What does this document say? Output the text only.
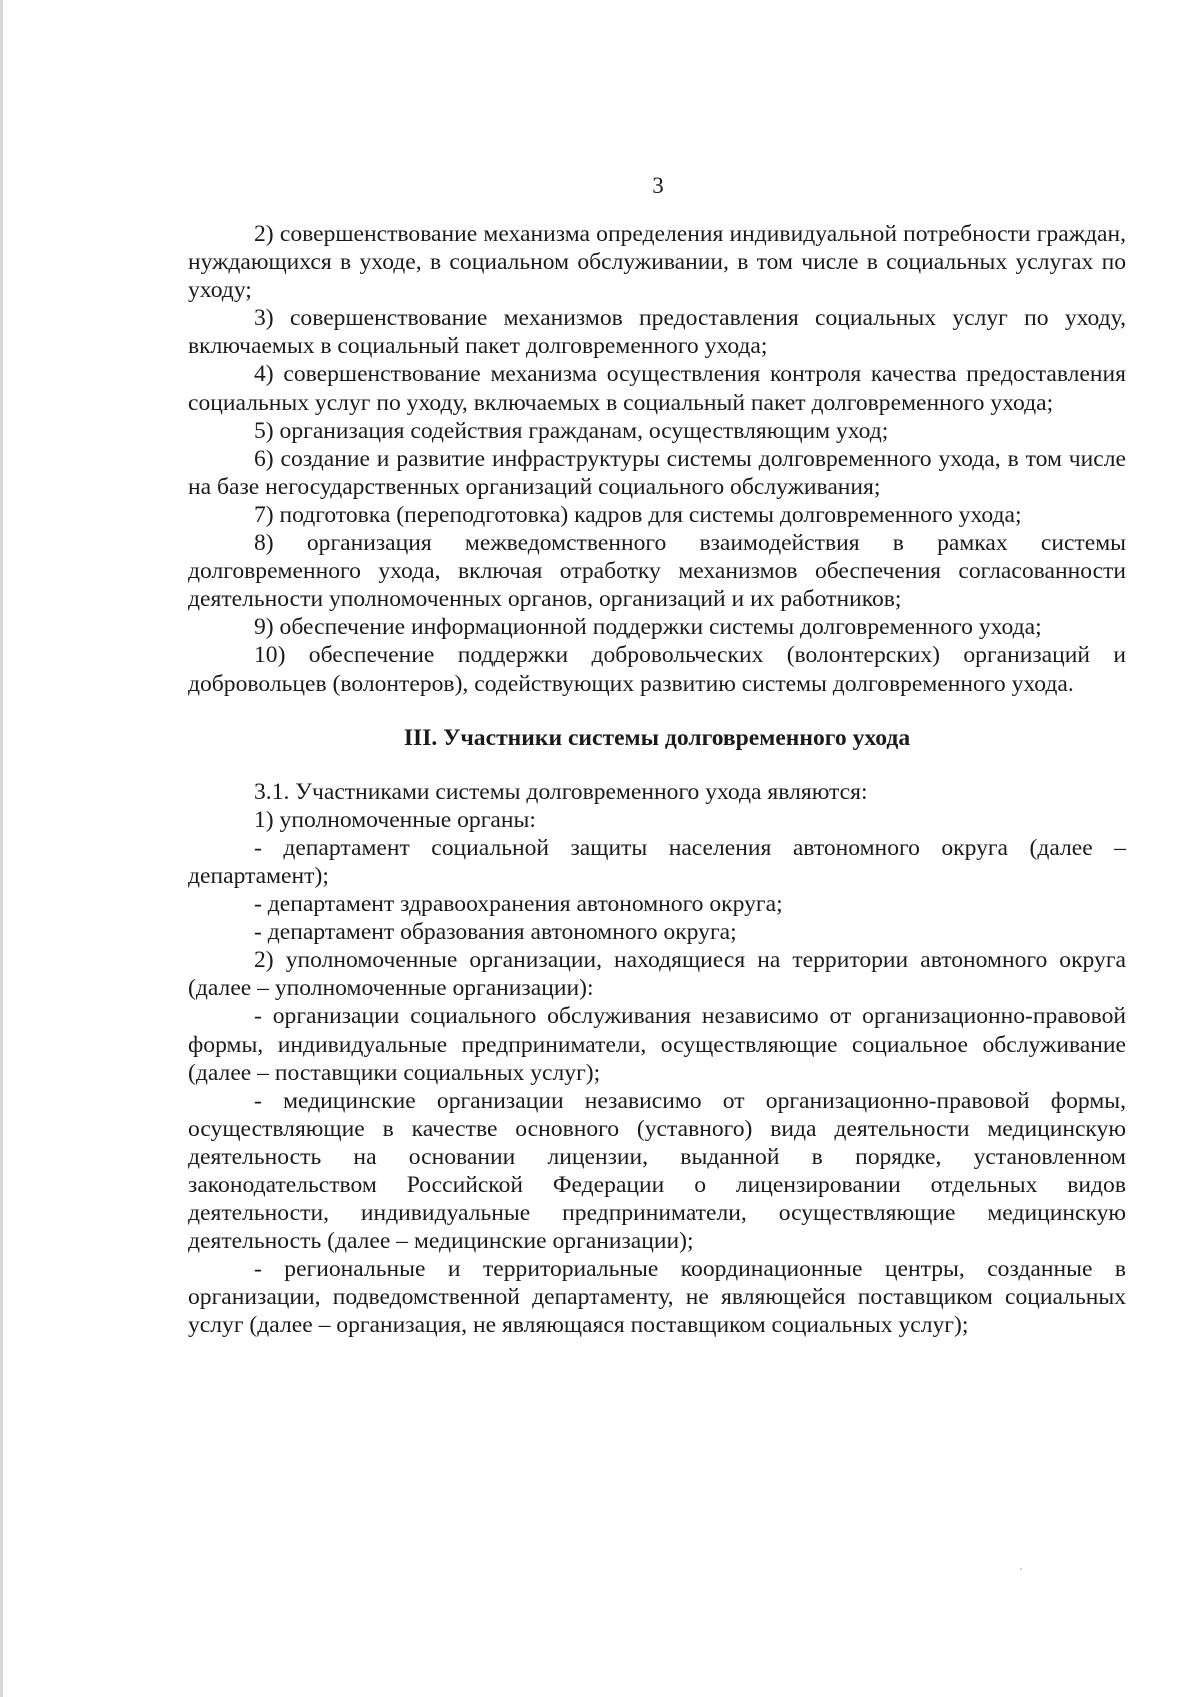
3

2) совершенствование механизма определения индивидуальной потребности граждан, нуждающихся в уходе, в социальном обслуживании, в том числе в социальных услугах по уходу;

3) совершенствование механизмов предоставления социальных услуг по уходу, включаемых в социальный пакет долговременного ухода;

4) совершенствование механизма осуществления контроля качества предоставления социальных услуг по уходу, включаемых в социальный пакет долговременного ухода;

5) организация содействия гражданам, осуществляющим уход;

6) создание и развитие инфраструктуры системы долговременного ухода, в том числе на базе негосударственных организаций социального обслуживания;

7) подготовка (переподготовка) кадров для системы долговременного ухода;

8) организация межведомственного взаимодействия в рамках системы долговременного ухода, включая отработку механизмов обеспечения согласованности деятельности уполномоченных органов, организаций и их работников;

9) обеспечение информационной поддержки системы долговременного ухода;

10) обеспечение поддержки добровольческих (волонтерских) организаций и добровольцев (волонтеров), содействующих развитию системы долговременного ухода.

III. Участники системы долговременного ухода

3.1. Участниками системы долговременного ухода являются:

1) уполномоченные органы:

- департамент социальной защиты населения автономного округа (далее – департамент);

- департамент здравоохранения автономного округа;

- департамент образования автономного округа;

2) уполномоченные организации, находящиеся на территории автономного округа (далее – уполномоченные организации):

- организации социального обслуживания независимо от организационно-правовой формы, индивидуальные предприниматели, осуществляющие социальное обслуживание (далее – поставщики социальных услуг);

- медицинские организации независимо от организационно-правовой формы, осуществляющие в качестве основного (уставного) вида деятельности медицинскую деятельность на основании лицензии, выданной в порядке, установленном законодательством Российской Федерации о лицензировании отдельных видов деятельности, индивидуальные предприниматели, осуществляющие медицинскую деятельность (далее – медицинские организации);

- региональные и территориальные координационные центры, созданные в организации, подведомственной департаменту, не являющейся поставщиком социальных услуг (далее – организация, не являющаяся поставщиком социальных услуг);
